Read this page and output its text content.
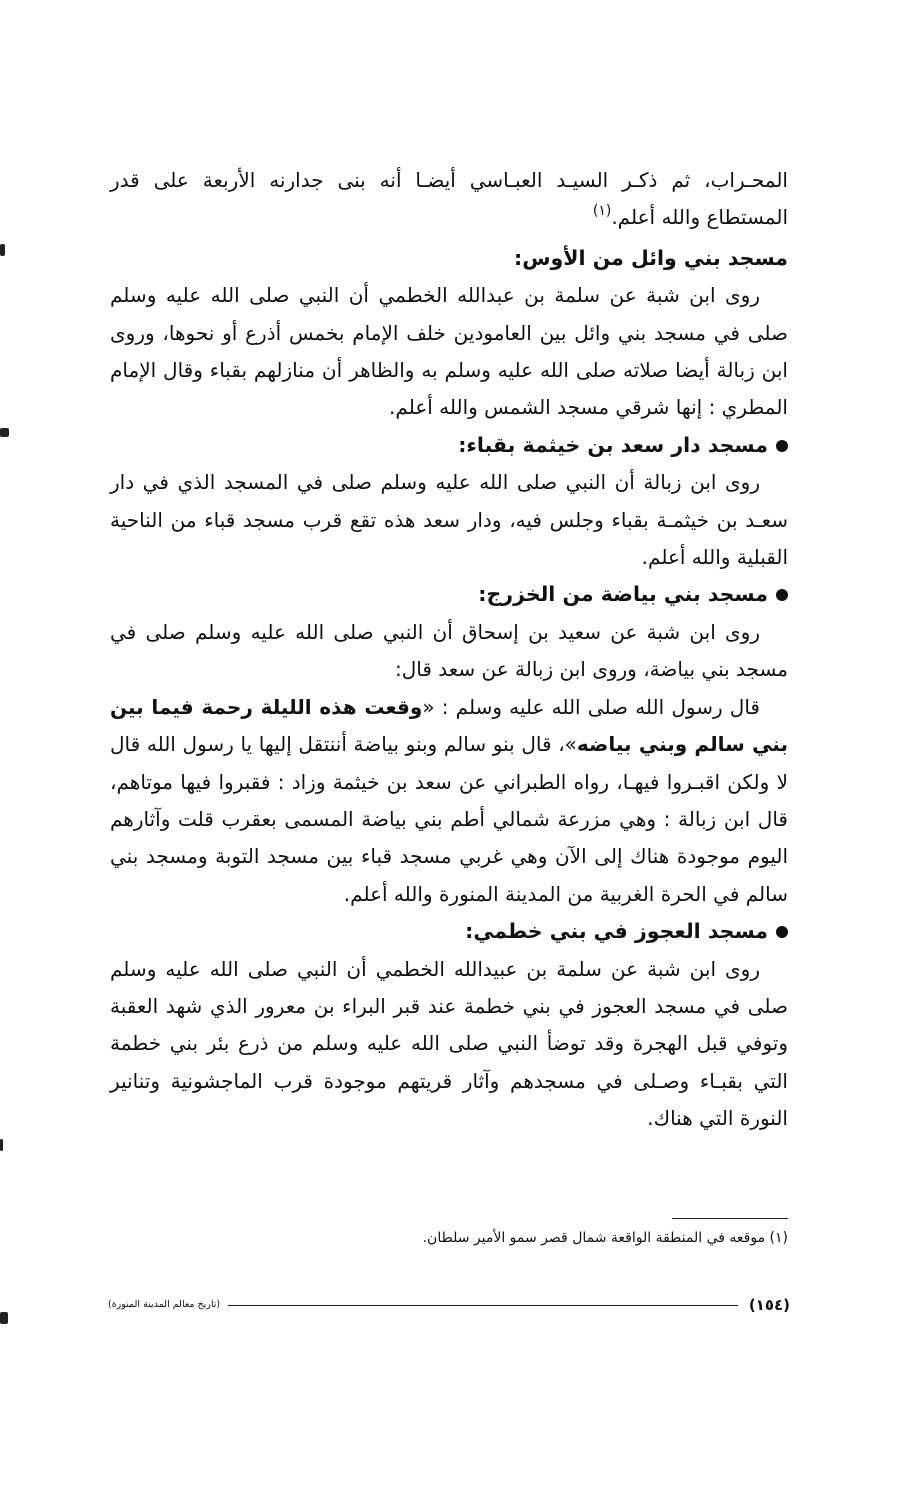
المحـراب، ثم ذكـر السيـد العبـاسي أيضـا أنه بنى جدارنه الأربعة على قدر المستطاع والله أعلم.$^{(١)}$

مسجد بني وائل من الأوس:

روى ابن شبة عن سلمة بن عبدالله الخطمي أن النبي صلى الله عليه وسلم صلى في مسجد بني وائل بين العامودين خلف الإمام بخمس أذرع أو نحوها، وروى ابن زبالة أيضا صلاته صلى الله عليه وسلم به والظاهر أن منازلهم بقباء وقال الإمام المطري : إنها شرقي مسجد الشمس والله أعلم.

مسجد دار سعد بن خيثمة بقباء:

روى ابن زبالة أن النبي صلى الله عليه وسلم صلى في المسجد الذي في دار سعـد بن خيثمـة بقباء وجلس فيه، ودار سعد هذه تقع قرب مسجد قباء من الناحية القبلية والله أعلم.

مسجد بني بياضة من الخزرج:

روى ابن شبة عن سعيد بن إسحاق أن النبي صلى الله عليه وسلم صلى في مسجد بني بياضة، وروى ابن زبالة عن سعد قال:

قال رسول الله صلى الله عليه وسلم : «وقعت هذه الليلة رحمة فيما بين بني سالم وبني بياضه»، قال بنو سالم وبنو بياضة أننتقل إليها يا رسول الله قال لا ولكن اقبـروا فيهـا، رواه الطبراني عن سعد بن خيثمة وزاد : فقبروا فيها موتاهم، قال ابن زبالة : وهي مزرعة شمالي أطم بني بياضة المسمى بعقرب قلت وآثارهم اليوم موجودة هناك إلى الآن وهي غربي مسجد قباء بين مسجد التوبة ومسجد بني سالم في الحرة الغربية من المدينة المنورة والله أعلم.

مسجد العجوز في بني خطمي:

روى ابن شبة عن سلمة بن عبيدالله الخطمي أن النبي صلى الله عليه وسلم صلى في مسجد العجوز في بني خطمة عند قبر البراء بن معرور الذي شهد العقبة وتوفي قبل الهجرة وقد توضأ النبي صلى الله عليه وسلم من ذرع بئر بني خطمة التي بقبـاء وصـلى في مسجدهم وآثار قريتهم موجودة قرب الماجشونية وتنانير النورة التي هناك.

(١) موقعه في المنطقة الواقعة شمال قصر سمو الأمير سلطان.
(١٥٤)
(تاريخ معالم المدينة المنورة)
